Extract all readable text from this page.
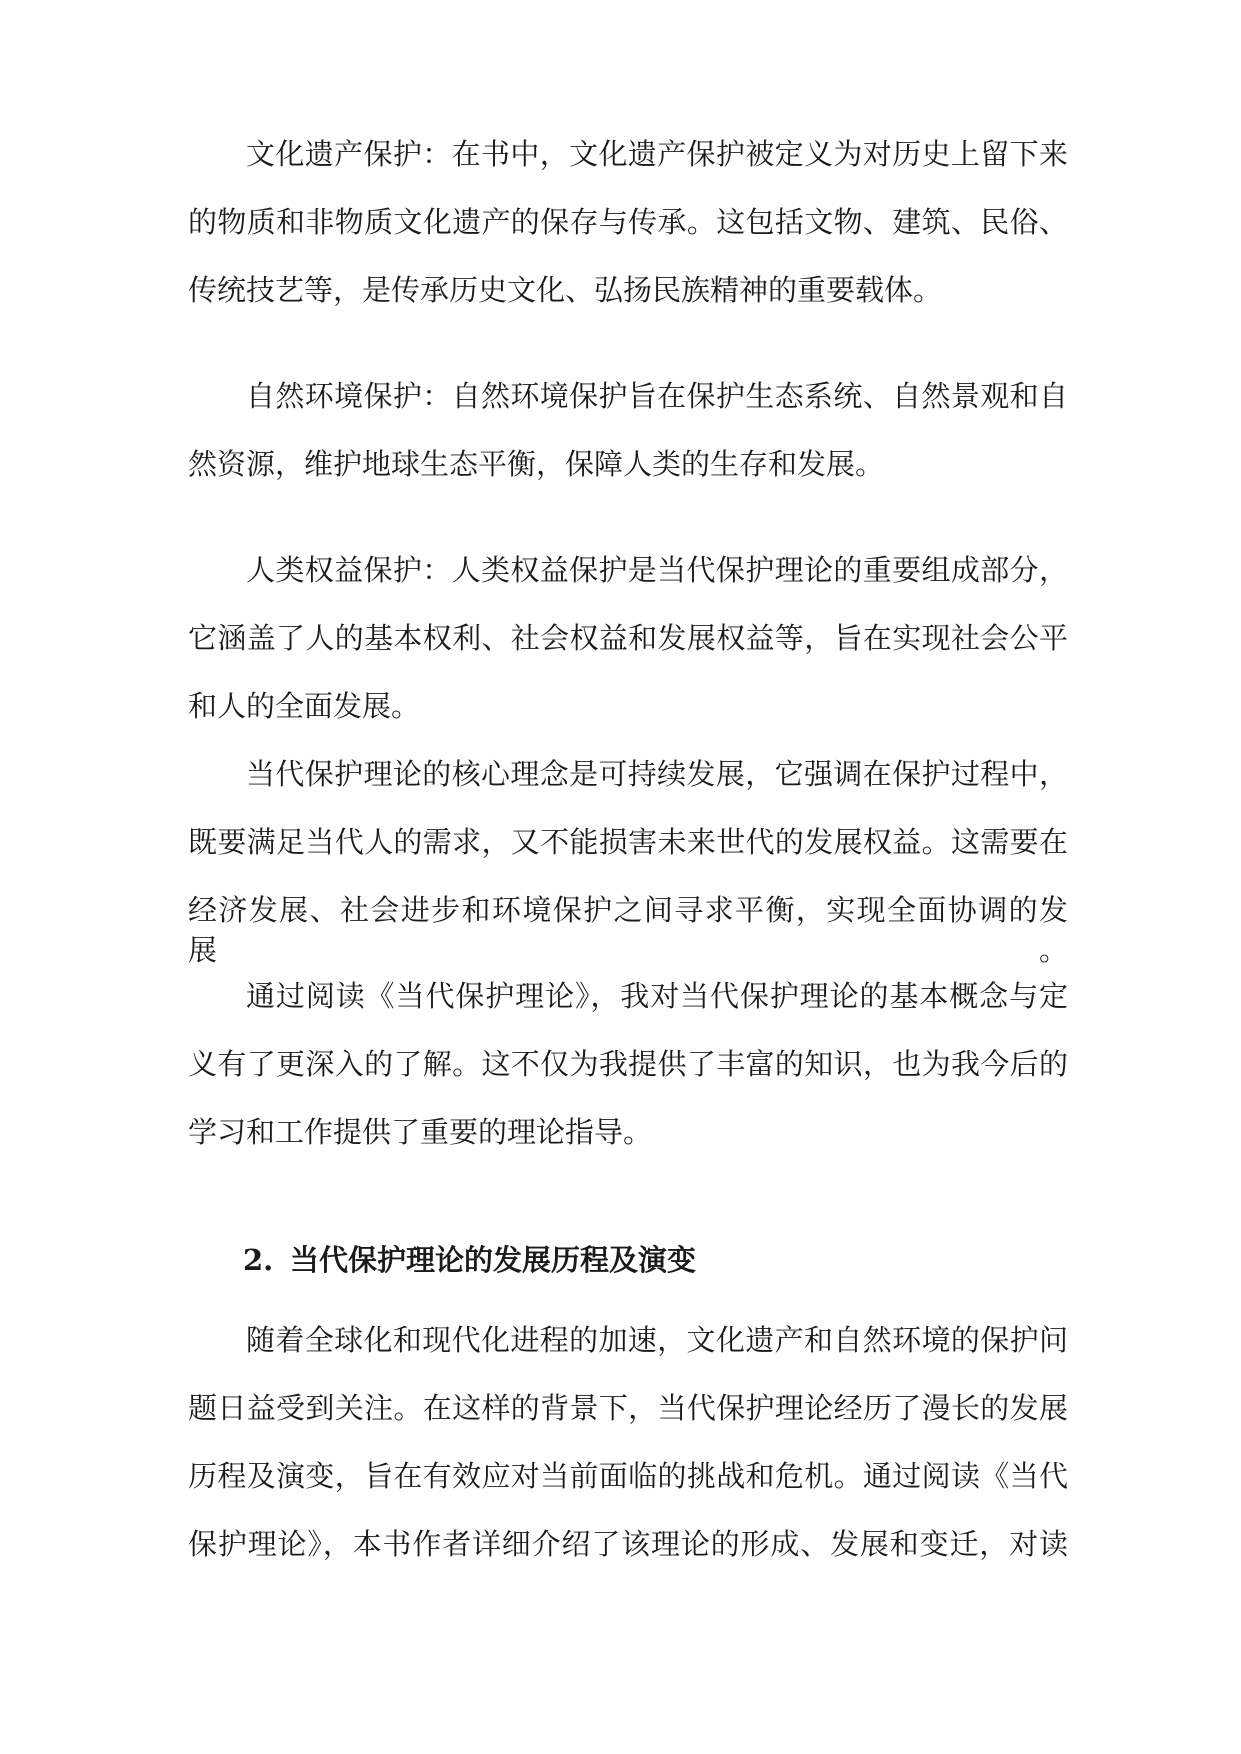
文化遗产保护：在书中，文化遗产保护被定义为对历史上留下来

的物质和非物质文化遗产的保存与传承。这包括文物、建筑、民俗、

传统技艺等，是传承历史文化、弘扬民族精神的重要载体。

自然环境保护：自然环境保护旨在保护生态系统、自然景观和自

然资源，维护地球生态平衡，保障人类的生存和发展。

人类权益保护：人类权益保护是当代保护理论的重要组成部分，

它涵盖了人的基本权利、社会权益和发展权益等，旨在实现社会公平

和人的全面发展。

当代保护理论的核心理念是可持续发展，它强调在保护过程中，

既要满足当代人的需求，又不能损害未来世代的发展权益。这需要在

经济发展、社会进步和环境保护之间寻求平衡，实现全面协调的发展。

通过阅读《当代保护理论》，我对当代保护理论的基本概念与定

义有了更深入的了解。这不仅为我提供了丰富的知识，也为我今后的

学习和工作提供了重要的理论指导。

2. 当代保护理论的发展历程及演变

随着全球化和现代化进程的加速，文化遗产和自然环境的保护问

题日益受到关注。在这样的背景下，当代保护理论经历了漫长的发展

历程及演变，旨在有效应对当前面临的挑战和危机。通过阅读《当代

保护理论》，本书作者详细介绍了该理论的形成、发展和变迁，对读
